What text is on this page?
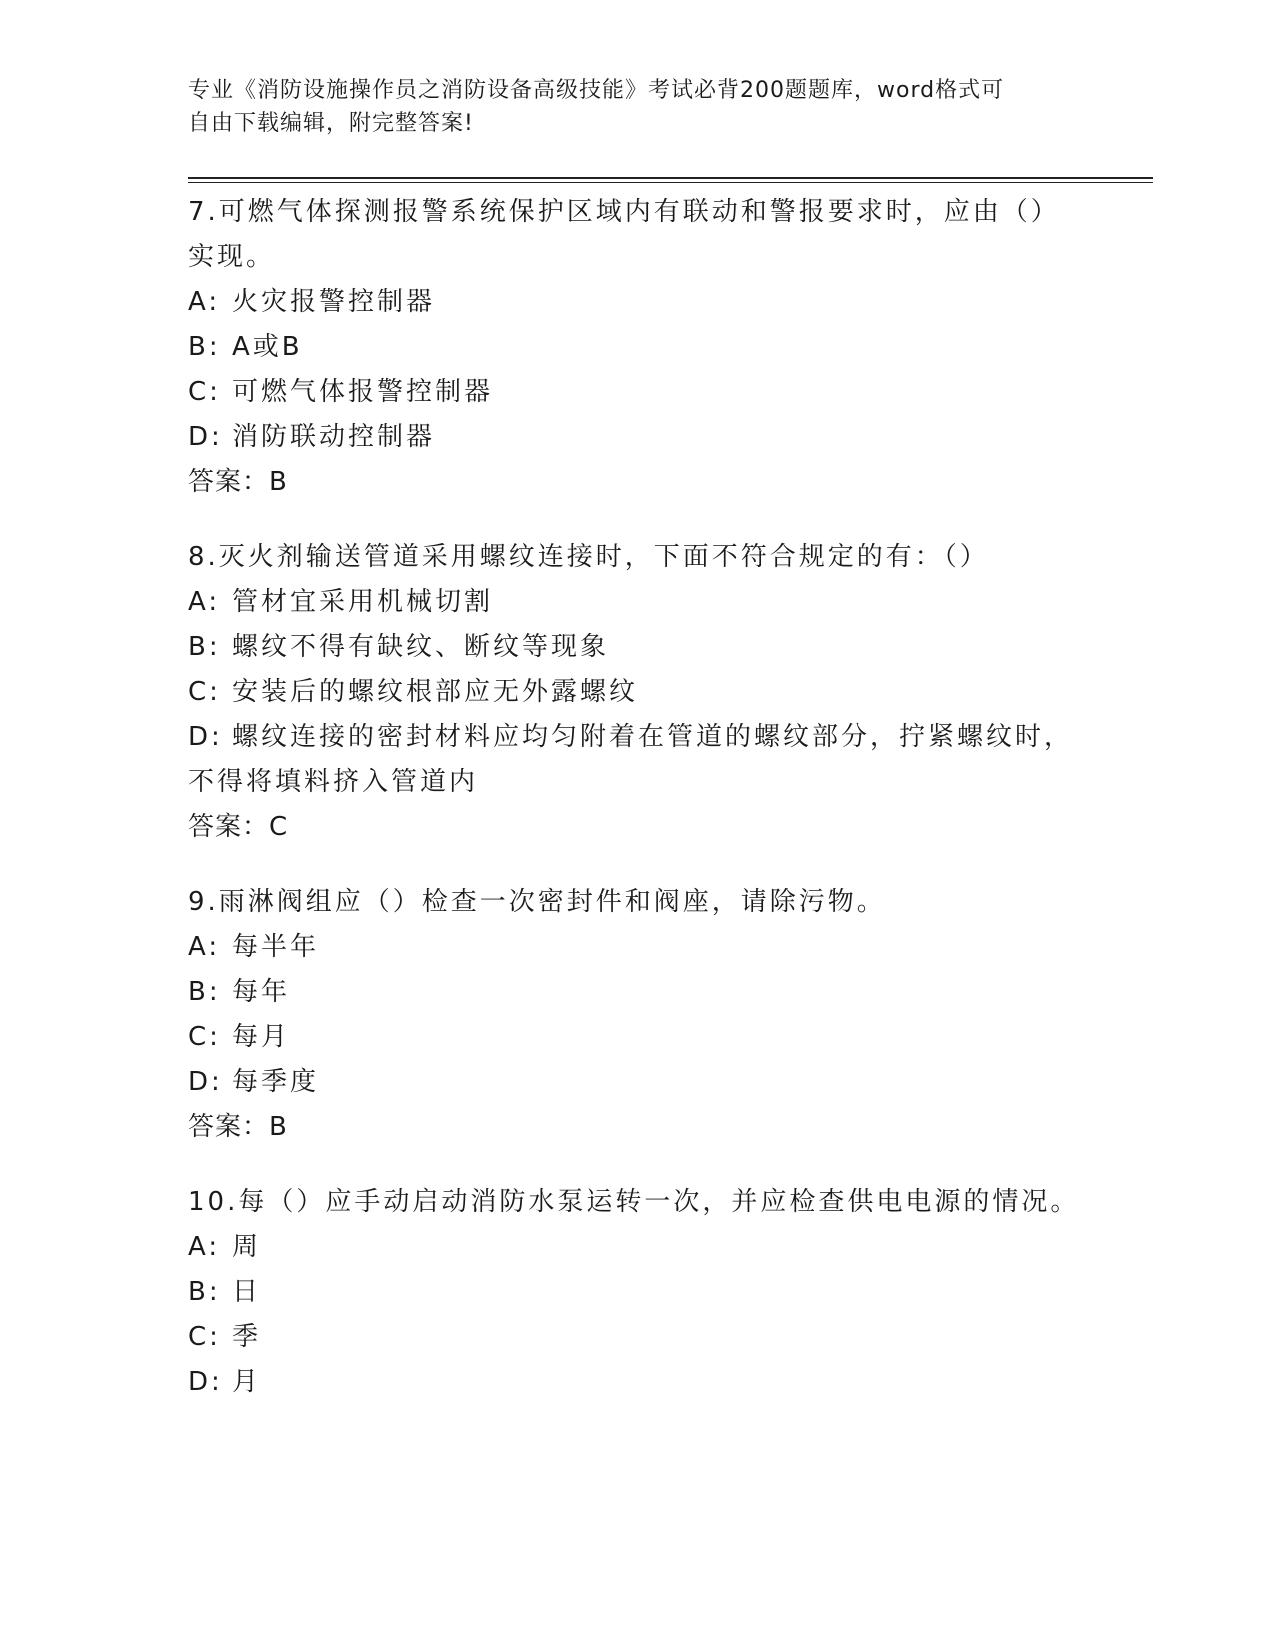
专业《消防设施操作员之消防设备高级技能》考试必背200题题库，word格式可
自由下载编辑，附完整答案!

7.可燃气体探测报警系统保护区域内有联动和警报要求时，应由（）

实现。

A: 火灾报警控制器

B: A或B

C: 可燃气体报警控制器

D: 消防联动控制器

答案：B

8.灭火剂输送管道采用螺纹连接时，下面不符合规定的有：（）

A: 管材宜采用机械切割

B: 螺纹不得有缺纹、断纹等现象

C: 安装后的螺纹根部应无外露螺纹

D: 螺纹连接的密封材料应均匀附着在管道的螺纹部分，拧紧螺纹时，

不得将填料挤入管道内

答案：C

9.雨淋阀组应（）检查一次密封件和阀座，请除污物。

A: 每半年

B: 每年

C: 每月

D: 每季度

答案：B

10.每（）应手动启动消防水泵运转一次，并应检查供电电源的情况。

A: 周

B: 日

C: 季

D: 月
